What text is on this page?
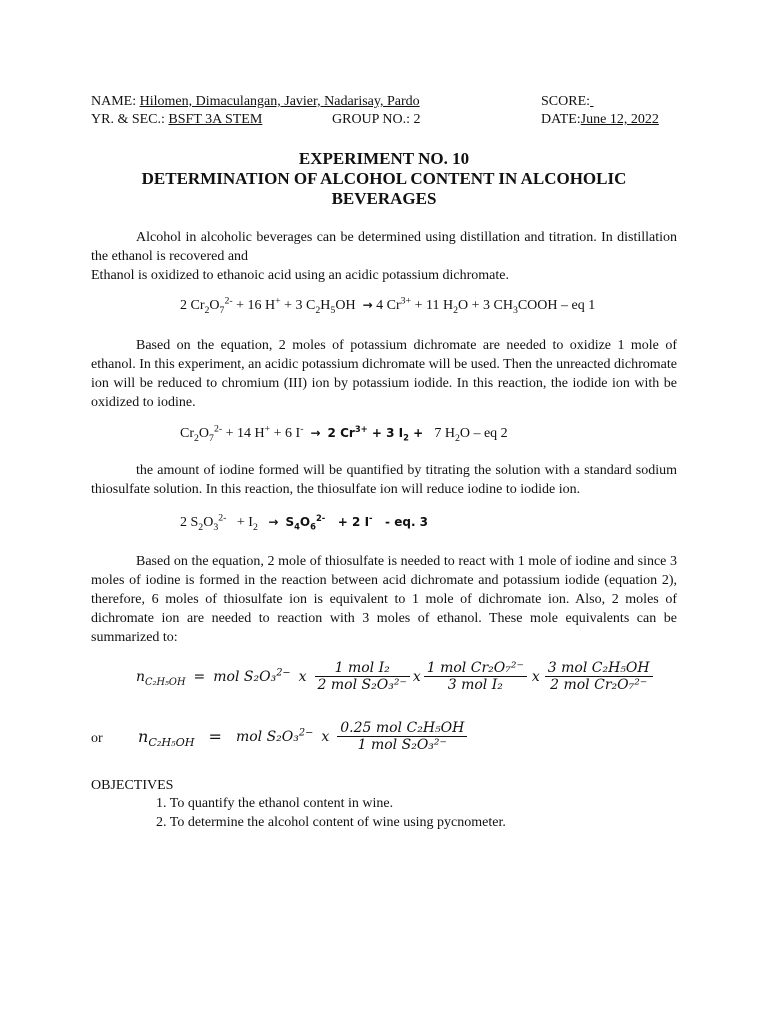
NAME: Hilomen, Dimaculangan, Javier, Nadarisay, Pardo	SCORE:
YR. & SEC.: BSFT 3A STEM	GROUP NO.: 2	DATE:June 12, 2022
EXPERIMENT NO. 10
DETERMINATION OF ALCOHOL CONTENT IN ALCOHOLIC
BEVERAGES

Alcohol in alcoholic beverages can be determined using distillation and titration. In distillation the ethanol is recovered and

Ethanol is oxidized to ethanoic acid using an acidic potassium dichromate.

2 $Cr_2O_7^{2-} + 16$ H+ + 3 $C_2H_5OH \to 4$ $Cr^{3+} + 11$ $H_2O + 3$ $CH_3COOH$ – eq 1

Based on the equation, 2 moles of potassium dichromate are needed to oxidize 1 mole of ethanol. In this experiment, an acidic potassium dichromate will be used. Then the unreacted dichromate ion will be reduced to chromium (III) ion by potassium iodide. In this reaction, the iodide ion with be oxidized to iodine.

$Cr_2O_7^{2-} + 14$ H+ + 6 I- → 2 $Cr^{3+} + 3$ $I_2 + 7$ $H_2O$ – eq 2

the amount of iodine formed will be quantified by titrating the solution with a standard sodium thiosulfate solution. In this reaction, the thiosulfate ion will reduce iodine to iodide ion.

2 $S_2O_3^{2-} + I_2 \to S_4O_6^{2-} + 2$ I-   - eq. 3

Based on the equation, 2 mole of thiosulfate is needed to react with 1 mole of iodine and since 3 moles of iodine is formed in the reaction between acid dichromate and potassium iodide (equation 2), therefore, 6 moles of thiosulfate ion is equivalent to 1 mole of dichromate ion. Also, 2 moles of dichromate ion are needed to reaction with 3 moles of ethanol. These mole equivalents can be summarized to:

$n_{C_2H_5OH}$ = mol S₂O₃$^{2-}$ x $\frac{\text{1 mol I₂}}{\text{2 mol S₂O₃²⁻}}$ x $\frac{\text{1 mol Cr₂O₇²⁻}}{\text{3 mol I₂}}$ x $\frac{\text{3 mol C₂H₅OH}}{\text{2 mol Cr₂O₇²⁻}}$
or $n_{C_2H_5OH}$ = mol S₂O₃$^{2-}$ x $\frac{\text{0.25 mol C₂H₅OH}}{\text{1 mol S₂O₃²⁻}}$
OBJECTIVES
1. To quantify the ethanol content in wine.
2. To determine the alcohol content of wine using pycnometer.
